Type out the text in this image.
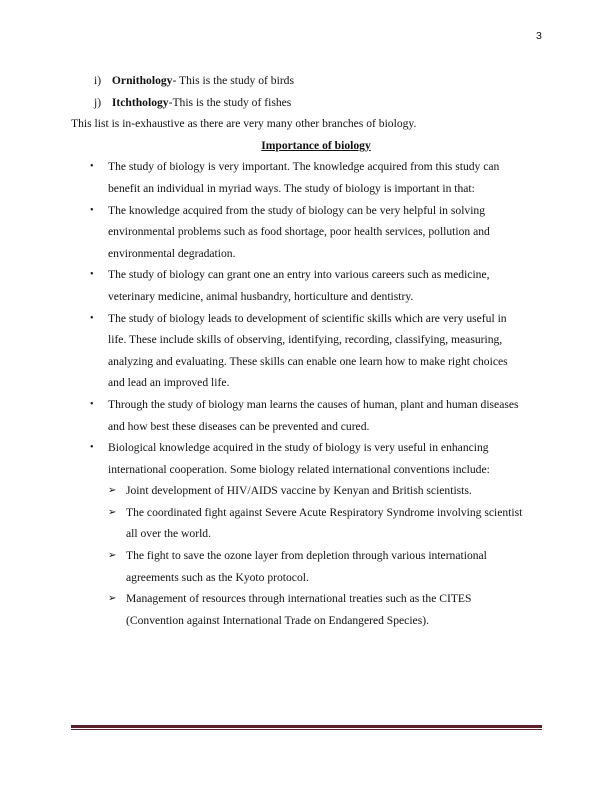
3
i) Ornithology- This is the study of birds
j) Itchthology-This is the study of fishes
This list is in-exhaustive as there are very many other branches of biology.
Importance of biology
• The study of biology is very important. The knowledge acquired from this study can
benefit an individual in myriad ways. The study of biology is important in that:
• The knowledge acquired from the study of biology can be very helpful in solving
environmental problems such as food shortage, poor health services, pollution and
environmental degradation.
• The study of biology can grant one an entry into various careers such as medicine,
veterinary medicine, animal husbandry, horticulture and dentistry.
• The study of biology leads to development of scientific skills which are very useful in
life. These include skills of observing, identifying, recording, classifying, measuring,
analyzing and evaluating. These skills can enable one learn how to make right choices
and lead an improved life.
• Through the study of biology man learns the causes of human, plant and human diseases
and how best these diseases can be prevented and cured.
• Biological knowledge acquired in the study of biology is very useful in enhancing
international cooperation. Some biology related international conventions include:
➢ Joint development of HIV/AIDS vaccine by Kenyan and British scientists.
➢ The coordinated fight against Severe Acute Respiratory Syndrome involving scientist
all over the world.
➢ The fight to save the ozone layer from depletion through various international
agreements such as the Kyoto protocol.
➢ Management of resources through international treaties such as the CITES
(Convention against International Trade on Endangered Species).
